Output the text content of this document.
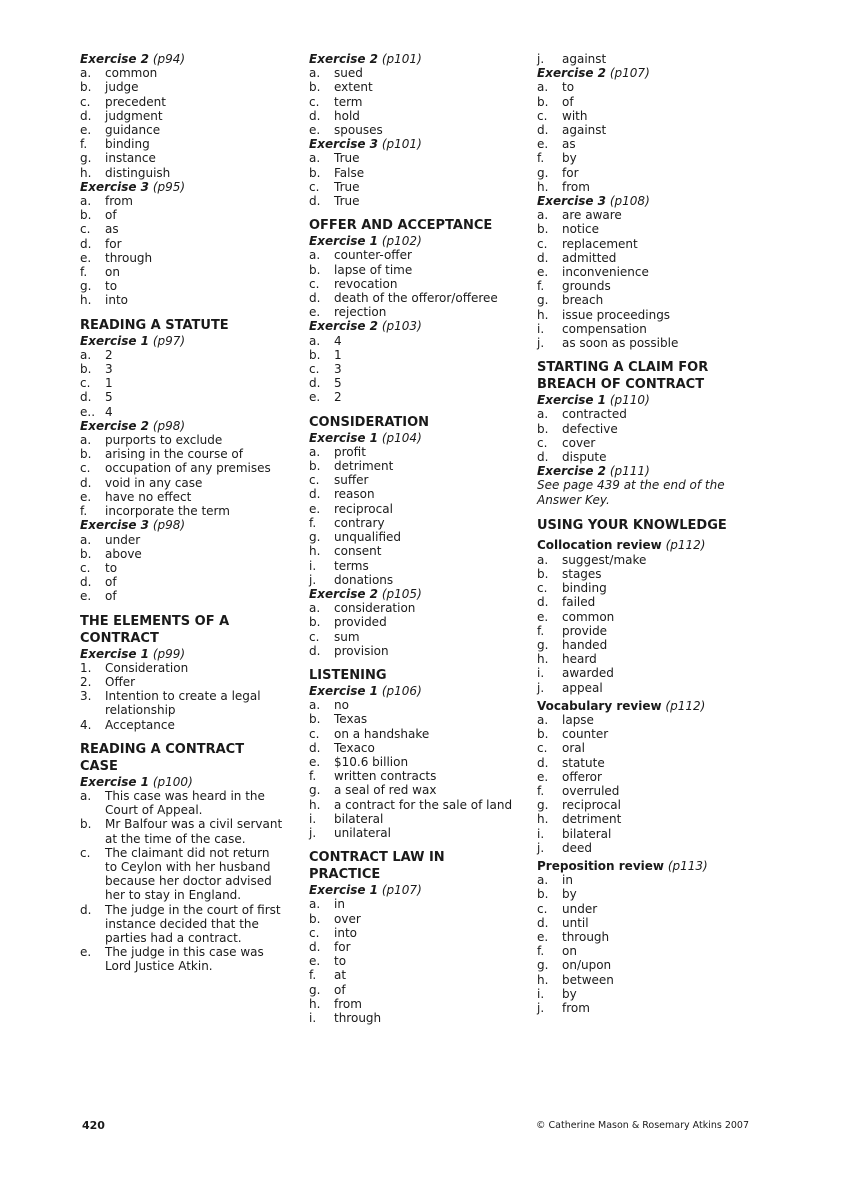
Exercise 2 (p94)
a.	common
b.	judge
c.	precedent
d.	judgment
e.	guidance
f.	binding
g.	instance
h.	distinguish
Exercise 3 (p95)
a.	from
b.	of
c.	as
d.	for
e.	through
f.	on
g.	to
h.	into
READING A STATUTE
Exercise 1 (p97)
a.	2
b.	3
c.	1
d.	5
e.. 4
Exercise 2 (p98)
a.	purports to exclude
b.	arising in the course of
c.	occupation of any premises
d.	void in any case
e.	have no effect
f.	incorporate the term
Exercise 3 (p98)
a.	under
b.	above
c.	to
d.	of
e.	of
THE ELEMENTS OF A CONTRACT
Exercise 1 (p99)
1.	Consideration
2.	Offer
3.	Intention to create a legal relationship
4.	Acceptance
READING A CONTRACT CASE
Exercise 1 (p100)
a.	This case was heard in the Court of Appeal.
b.	Mr Balfour was a civil servant at the time of the case.
c.	The claimant did not return to Ceylon with her husband because her doctor advised her to stay in England.
d.	The judge in the court of first instance decided that the parties had a contract.
e.	The judge in this case was Lord Justice Atkin.
Exercise 2 (p101)
a.	sued
b.	extent
c.	term
d.	hold
e.	spouses
Exercise 3 (p101)
a.	True
b.	False
c.	True
d.	True
OFFER AND ACCEPTANCE
Exercise 1 (p102)
a.	counter-offer
b.	lapse of time
c.	revocation
d.	death of the offeror/offeree
e.	rejection
Exercise 2 (p103)
a.	4
b.	1
c.	3
d.	5
e.	2
CONSIDERATION
Exercise 1 (p104)
a.	profit
b.	detriment
c.	suffer
d.	reason
e.	reciprocal
f.	contrary
g.	unqualified
h.	consent
i.	terms
j.	donations
Exercise 2 (p105)
a.	consideration
b.	provided
c.	sum
d.	provision
LISTENING
Exercise 1 (p106)
a.	no
b.	Texas
c.	on a handshake
d.	Texaco
e.	$10.6 billion
f.	written contracts
g.	a seal of red wax
h.	a contract for the sale of land
i.	bilateral
j.	unilateral
CONTRACT LAW IN PRACTICE
Exercise 1 (p107)
a.	in
b.	over
c.	into
d.	for
e.	to
f.	at
g.	of
h.	from
i.	through
j.	against
Exercise 2 (p107)
a.	to
b.	of
c.	with
d.	against
e.	as
f.	by
g.	for
h.	from
Exercise 3 (p108)
a.	are aware
b.	notice
c.	replacement
d.	admitted
e.	inconvenience
f.	grounds
g.	breach
h.	issue proceedings
i.	compensation
j.	as soon as possible
STARTING A CLAIM FOR BREACH OF CONTRACT
Exercise 1 (p110)
a.	contracted
b.	defective
c.	cover
d.	dispute
Exercise 2 (p111)
See page 439 at the end of the Answer Key.
USING YOUR KNOWLEDGE
Collocation review (p112)
a.	suggest/make
b.	stages
c.	binding
d.	failed
e.	common
f.	provide
g.	handed
h.	heard
i.	awarded
j.	appeal
Vocabulary review (p112)
a.	lapse
b.	counter
c.	oral
d.	statute
e.	offeror
f.	overruled
g.	reciprocal
h.	detriment
i.	bilateral
j.	deed
Preposition review (p113)
a.	in
b.	by
c.	under
d.	until
e.	through
f.	on
g.	on/upon
h.	between
i.	by
j.	from
420	© Catherine Mason & Rosemary Atkins 2007
